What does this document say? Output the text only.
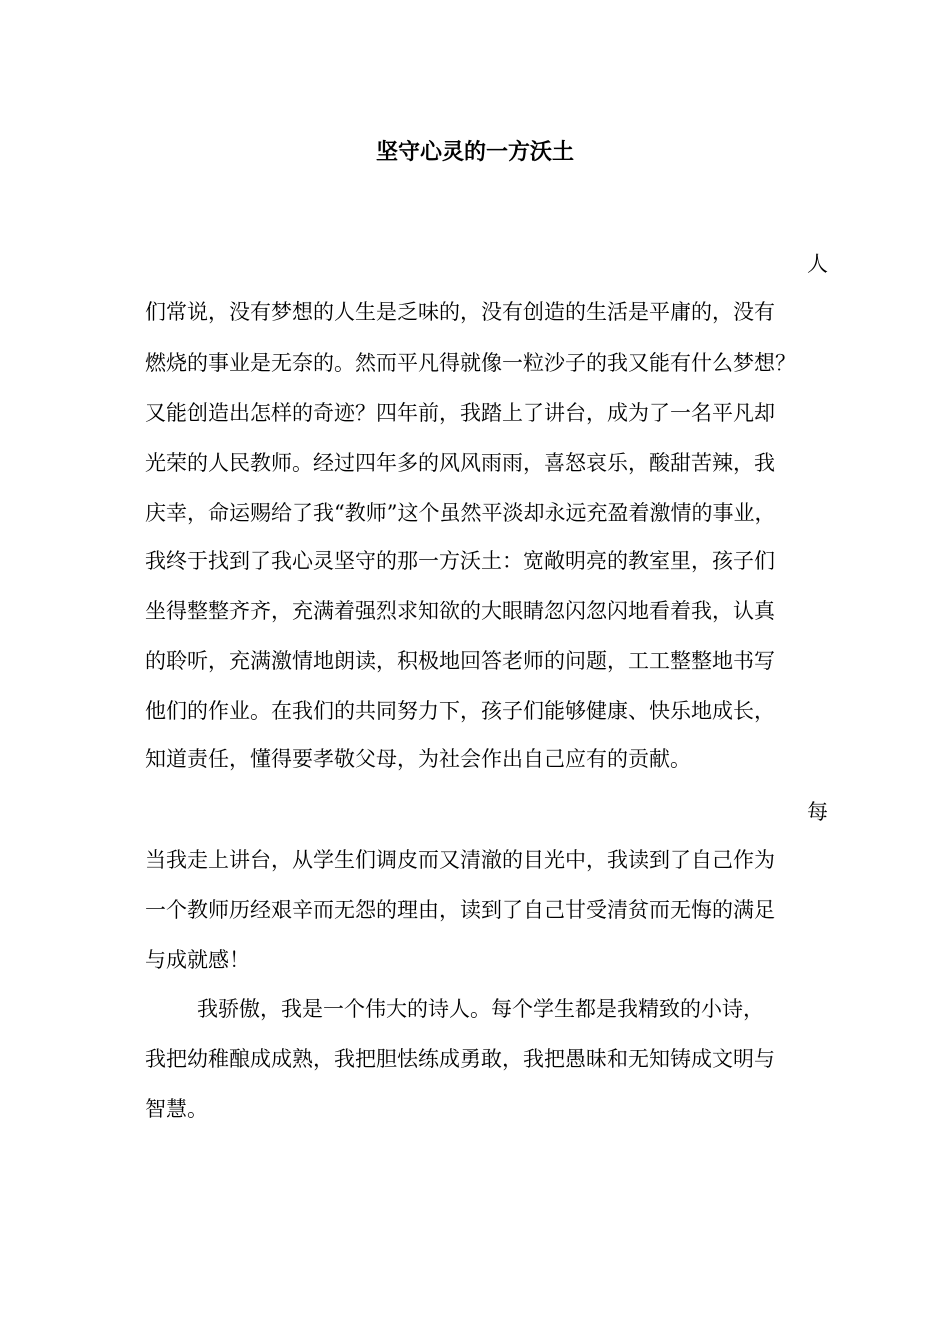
坚守心灵的一方沃土
人
们常说，没有梦想的人生是乏味的，没有创造的生活是平庸的，没有
燃烧的事业是无奈的。然而平凡得就像一粒沙子的我又能有什么梦想？
又能创造出怎样的奇迹？四年前，我踏上了讲台，成为了一名平凡却
光荣的人民教师。经过四年多的风风雨雨，喜怒哀乐，酸甜苦辣，我
庆幸，命运赐给了我“教师”这个虽然平淡却永远充盈着激情的事业，
我终于找到了我心灵坚守的那一方沃土：宽敞明亮的教室里，孩子们
坐得整整齐齐，充满着强烈求知欲的大眼睛忽闪忽闪地看着我，认真
的聆听，充满激情地朗读，积极地回答老师的问题，工工整整地书写
他们的作业。在我们的共同努力下，孩子们能够健康、快乐地成长，
知道责任，懂得要孝敬父母，为社会作出自己应有的贡献。
每
当我走上讲台，从学生们调皮而又清澈的目光中，我读到了自己作为
一个教师历经艰辛而无怨的理由，读到了自己甘受清贫而无悔的满足
与成就感！
我骄傲，我是一个伟大的诗人。每个学生都是我精致的小诗，
我把幼稚酿成成熟，我把胆怯练成勇敢，我把愚昧和无知铸成文明与
智慧。
